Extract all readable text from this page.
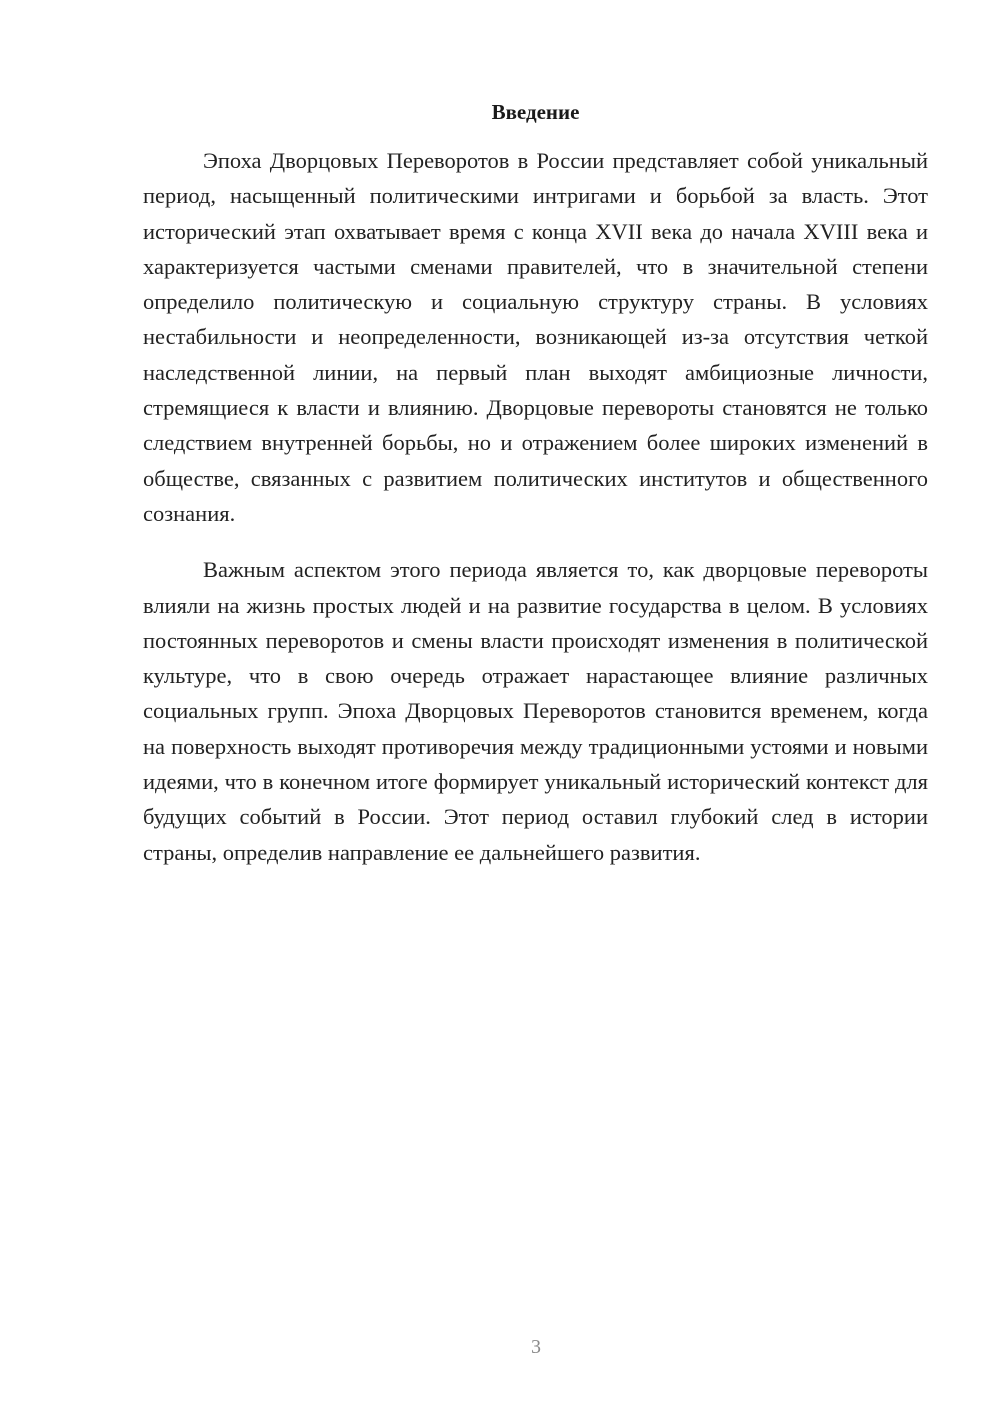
Введение

Эпоха Дворцовых Переворотов в России представляет собой уникальный период, насыщенный политическими интригами и борьбой за власть. Этот исторический этап охватывает время с конца XVII века до начала XVIII века и характеризуется частыми сменами правителей, что в значительной степени определило политическую и социальную структуру страны. В условиях нестабильности и неопределенности, возникающей из-за отсутствия четкой наследственной линии, на первый план выходят амбициозные личности, стремящиеся к власти и влиянию. Дворцовые перевороты становятся не только следствием внутренней борьбы, но и отражением более широких изменений в обществе, связанных с развитием политических институтов и общественного сознания.

Важным аспектом этого периода является то, как дворцовые перевороты влияли на жизнь простых людей и на развитие государства в целом. В условиях постоянных переворотов и смены власти происходят изменения в политической культуре, что в свою очередь отражает нарастающее влияние различных социальных групп. Эпоха Дворцовых Переворотов становится временем, когда на поверхность выходят противоречия между традиционными устоями и новыми идеями, что в конечном итоге формирует уникальный исторический контекст для будущих событий в России. Этот период оставил глубокий след в истории страны, определив направление ее дальнейшего развития.

3
